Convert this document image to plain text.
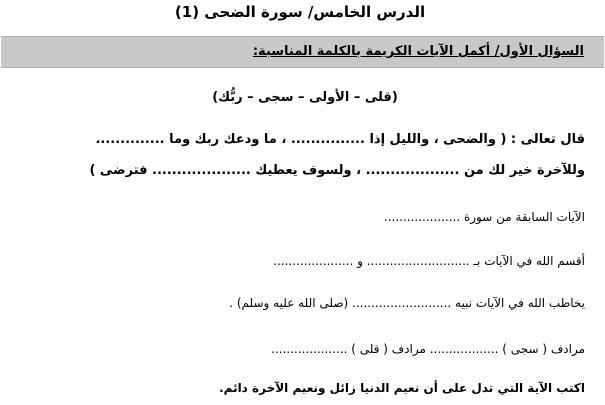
الدرس الخامس/ سورة الضحى (1)
السؤال الأول/ أكمل الآيات الكريمة بالكلمة المناسبة:
(قلى – الأولى – سجى – ربُّك)
قال تعالى : ( والضحى ، والليل إذا ............... ، ما ودعك ربك وما ..............
وللآخرة خير لك من ................... ، ولسوف يعطيك .................... فترضى )
الآيات السابقة من سورة ....................
أقسم الله في الآيات بـ ........................... و .....................
يخاطب الله في الآيات نبيه .......................... (صلى الله عليه وسلم) .
مرادف ( سجى ) .................. مرادف ( قلى ) ....................
اكتب الآية التي تدل على أن نعيم الدنيا زائل ونعيم الآخرة دائم.
